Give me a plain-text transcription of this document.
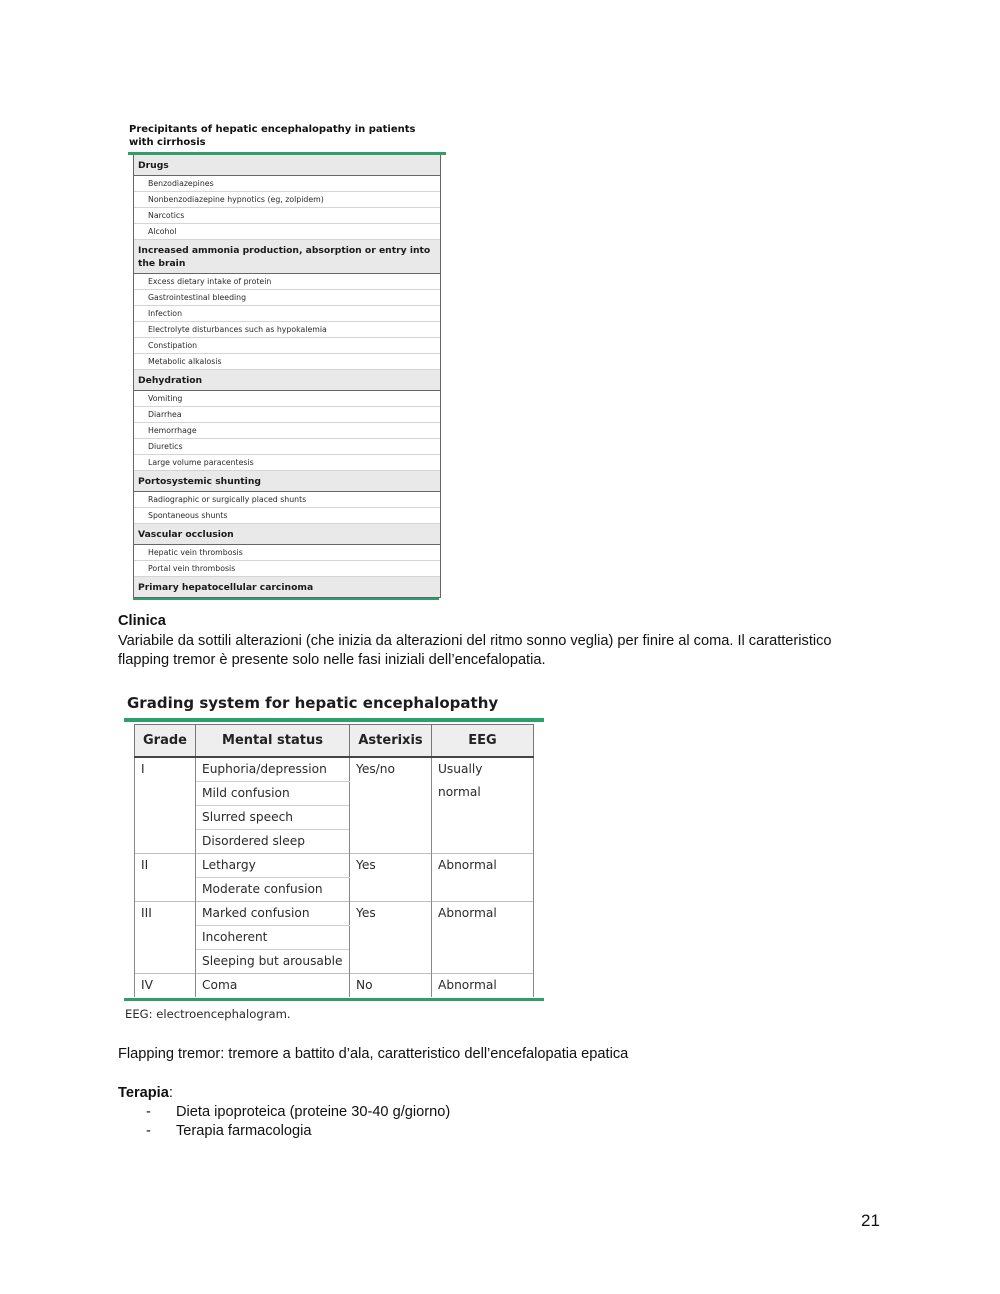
Precipitants of hepatic encephalopathy in patients with cirrhosis
Drugs
Benzodiazepines
Nonbenzodiazepine hypnotics (eg, zolpidem)
Narcotics
Alcohol
Increased ammonia production, absorption or entry into the brain
Excess dietary intake of protein
Gastrointestinal bleeding
Infection
Electrolyte disturbances such as hypokalemia
Constipation
Metabolic alkalosis
Dehydration
Vomiting
Diarrhea
Hemorrhage
Diuretics
Large volume paracentesis
Portosystemic shunting
Radiographic or surgically placed shunts
Spontaneous shunts
Vascular occlusion
Hepatic vein thrombosis
Portal vein thrombosis
Primary hepatocellular carcinoma
Clinica
Variabile da sottili alterazioni (che inizia da alterazioni del ritmo sonno veglia) per finire al coma. Il caratteristico
flapping tremor è presente solo nelle fasi iniziali dell’encefalopatia.
Grading system for hepatic encephalopathy
Grade	Mental status	Asterixis	EEG
I	Euphoria/depression	Yes/no	Usually normal
	Mild confusion		
	Slurred speech		
	Disordered sleep		
II	Lethargy	Yes	Abnormal
	Moderate confusion		
III	Marked confusion	Yes	Abnormal
	Incoherent		
	Sleeping but arousable		
IV	Coma	No	Abnormal
EEG: electroencephalogram.
Flapping tremor: tremore a battito d’ala, caratteristico dell’encefalopatia epatica
Terapia:
- Dieta ipoproteica (proteine 30-40 g/giorno)
- Terapia farmacologia
21
